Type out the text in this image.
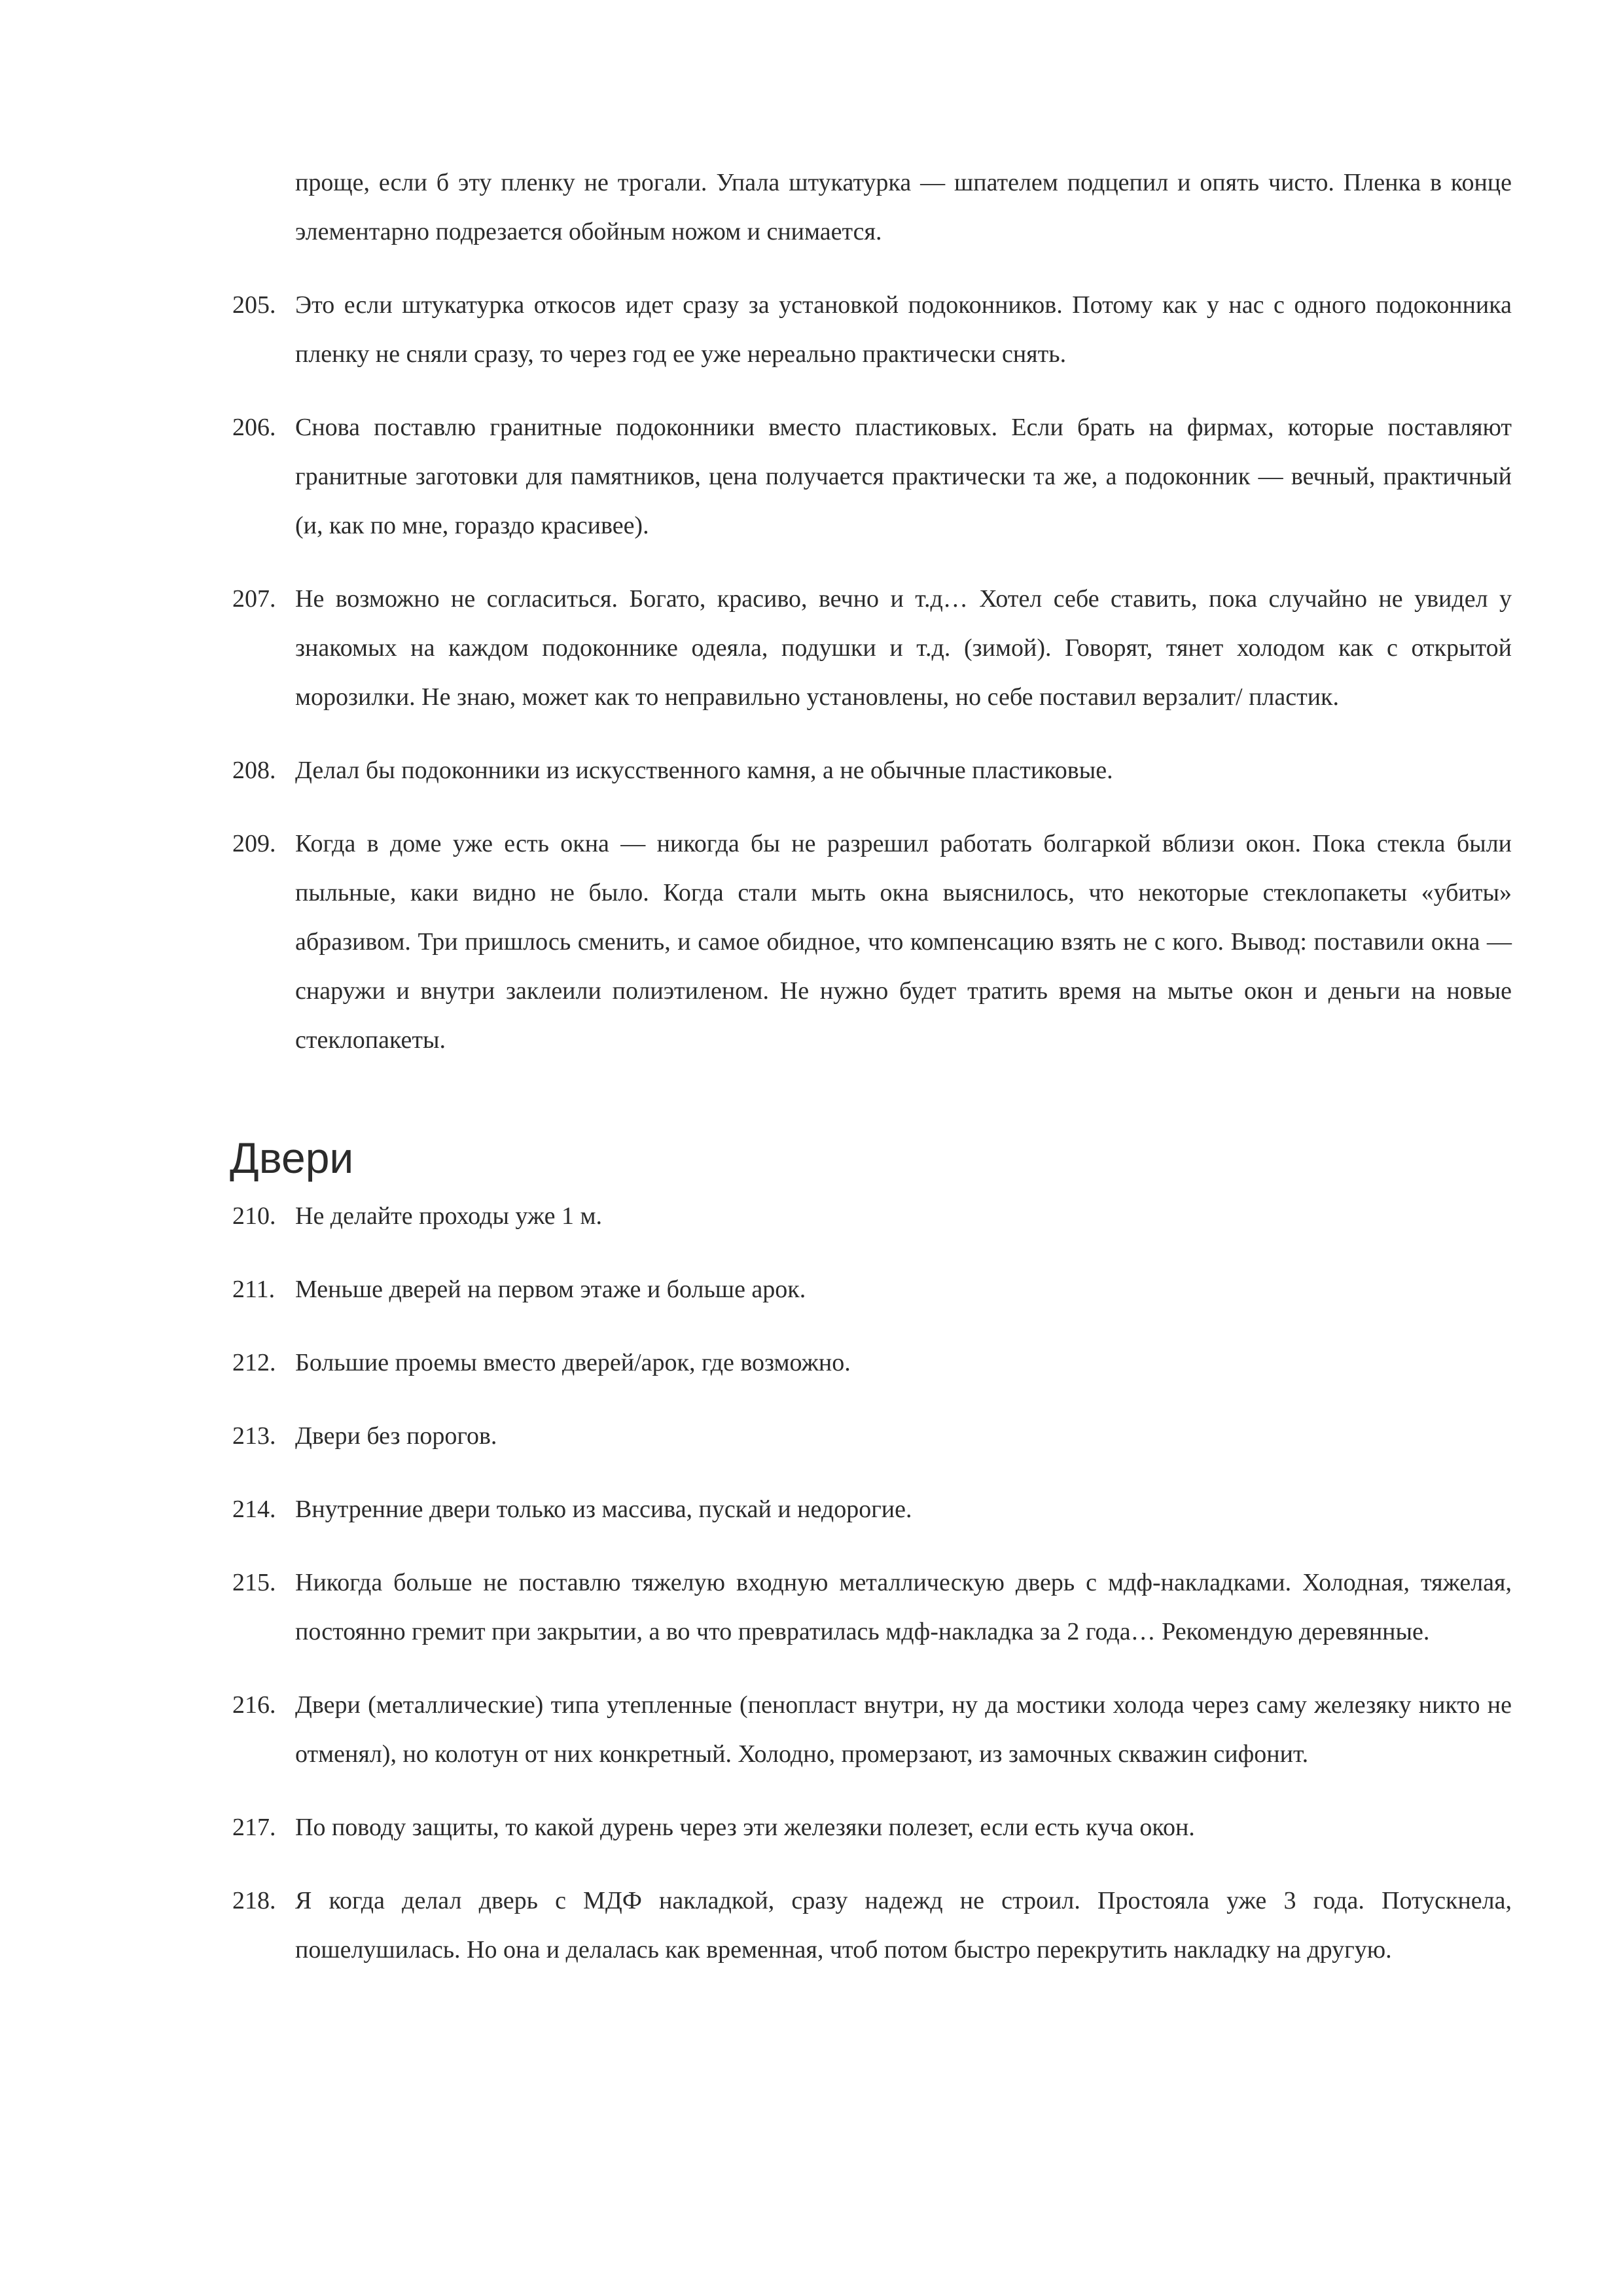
проще, если б эту пленку не трогали. Упала штукатурка — шпателем подцепил и опять чисто. Пленка в конце элементарно подрезается обойным ножом и снимается.

205. Это если штукатурка откосов идет сразу за установкой подоконников. Потому как у нас с одного подоконника пленку не сняли сразу, то через год ее уже нереально практически снять.

206. Снова поставлю гранитные подоконники вместо пластиковых. Если брать на фирмах, которые поставляют гранитные заготовки для памятников, цена получается практически та же, а подоконник — вечный, практичный (и, как по мне, гораздо красивее).

207. Не возможно не согласиться. Богато, красиво, вечно и т.д… Хотел себе ставить, пока случайно не увидел у знакомых на каждом подоконнике одеяла, подушки и т.д. (зимой). Говорят, тянет холодом как с открытой морозилки. Не знаю, может как то неправильно установлены, но себе поставил верзалит/ пластик.

208. Делал бы подоконники из искусственного камня, а не обычные пластиковые.

209. Когда в доме уже есть окна — никогда бы не разрешил работать болгаркой вблизи окон. Пока стекла были пыльные, каки видно не было. Когда стали мыть окна выяснилось, что некоторые стеклопакеты «убиты» абразивом. Три пришлось сменить, и самое обидное, что компенсацию взять не с кого. Вывод: поставили окна — снаружи и внутри заклеили полиэтиленом. Не нужно будет тратить время на мытье окон и деньги на новые стеклопакеты.

Двери

210. Не делайте проходы уже 1 м.

211. Меньше дверей на первом этаже и больше арок.

212. Большие проемы вместо дверей/арок, где возможно.

213. Двери без порогов.

214. Внутренние двери только из массива, пускай и недорогие.

215. Никогда больше не поставлю тяжелую входную металлическую дверь с мдф-накладками. Холодная, тяжелая, постоянно гремит при закрытии, а во что превратилась мдф-накладка за 2 года… Рекомендую деревянные.

216. Двери (металлические) типа утепленные (пенопласт внутри, ну да мостики холода через саму железяку никто не отменял), но колотун от них конкретный. Холодно, промерзают, из замочных скважин сифонит.

217. По поводу защиты, то какой дурень через эти железяки полезет, если есть куча окон.

218. Я когда делал дверь с МДФ накладкой, сразу надежд не строил. Простояла уже 3 года. Потускнела, пошелушилась. Но она и делалась как временная, чтоб потом быстро перекрутить накладку на другую.
